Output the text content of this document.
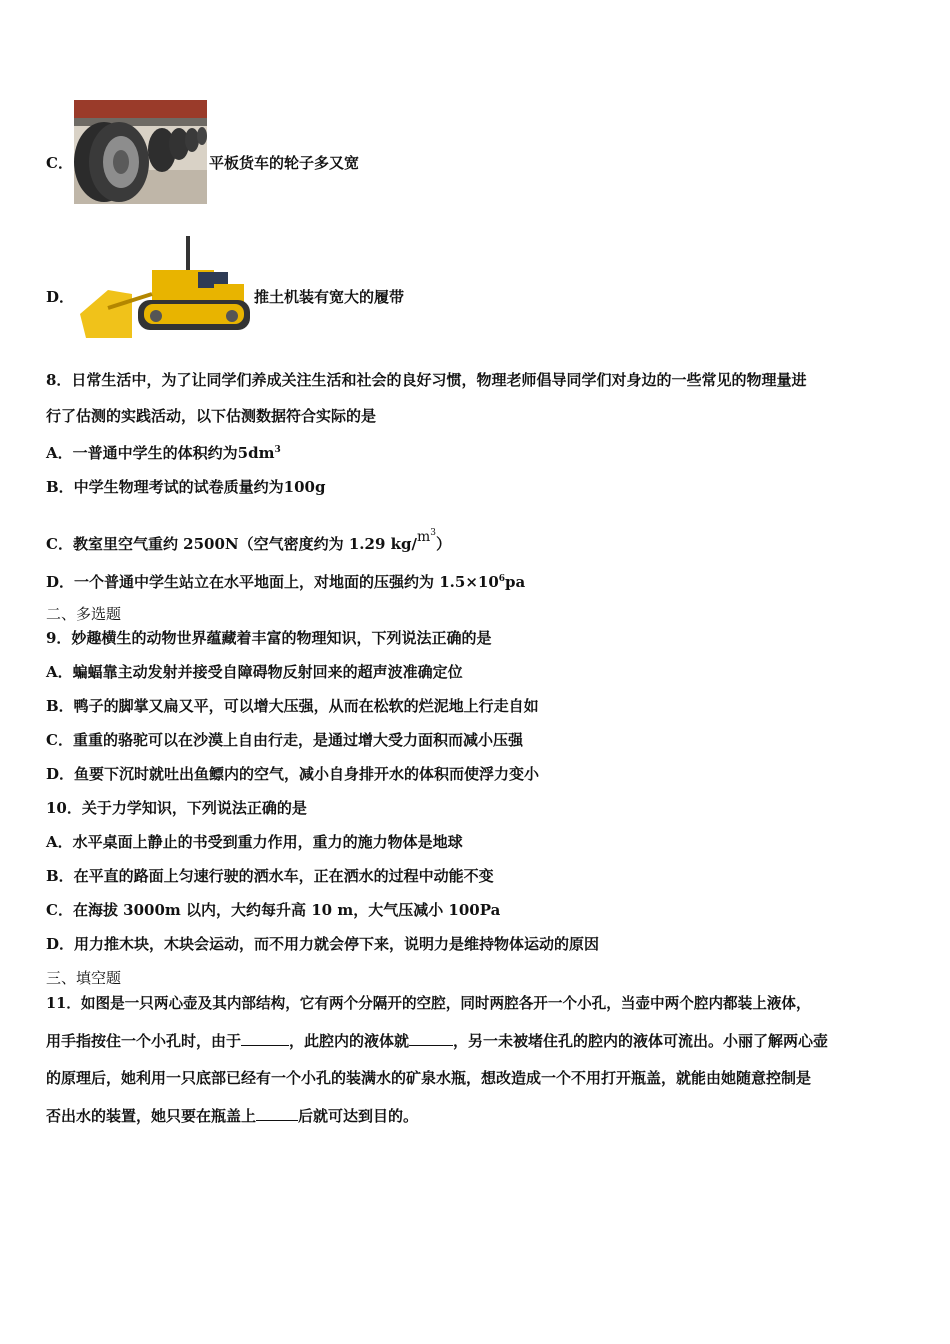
C．	平板货车的轮子多又宽
D．	推土机装有宽大的履带
8．日常生活中，为了让同学们养成关注生活和社会的良好习惯，物理老师倡导同学们对身边的一些常见的物理量进
行了估测的实践活动，以下估测数据符合实际的是
A．一普通中学生的体积约为$5dm^3$
B．中学生物理考试的试卷质量约为100g
C．教室里空气重约 2500N（空气密度约为 1.29 $kg/m^3$）
D．一个普通中学生站立在水平地面上，对地面的压强约为 $1.5\times 10^6pa$
二、多选题
9．妙趣横生的动物世界蕴藏着丰富的物理知识，下列说法正确的是
A．蝙蝠靠主动发射并接受自障碍物反射回来的超声波准确定位
B．鸭子的脚掌又扁又平，可以增大压强，从而在松软的烂泥地上行走自如
C．重重的骆驼可以在沙漠上自由行走，是通过增大受力面积而减小压强
D．鱼要下沉时就吐出鱼鳔内的空气，减小自身排开水的体积而使浮力变小
10．关于力学知识，下列说法正确的是
A．水平桌面上静止的书受到重力作用，重力的施力物体是地球
B．在平直的路面上匀速行驶的洒水车，正在洒水的过程中动能不变
C．在海拔 3000m 以内，大约每升高 10 m，大气压减小 100Pa
D．用力推木块，木块会运动，而不用力就会停下来，说明力是维持物体运动的原因
三、填空题
11．如图是一只两心壶及其内部结构，它有两个分隔开的空腔，同时两腔各开一个小孔，当壶中两个腔内都装上液体，
用手指按住一个小孔时，由于	，此腔内的液体就	，另一未被堵住孔的腔内的液体可流出。小丽了解两心壶
的原理后，她利用一只底部已经有一个小孔的装满水的矿泉水瓶，想改造成一个不用打开瓶盖，就能由她随意控制是
否出水的装置，她只要在瓶盖上	后就可达到目的。
